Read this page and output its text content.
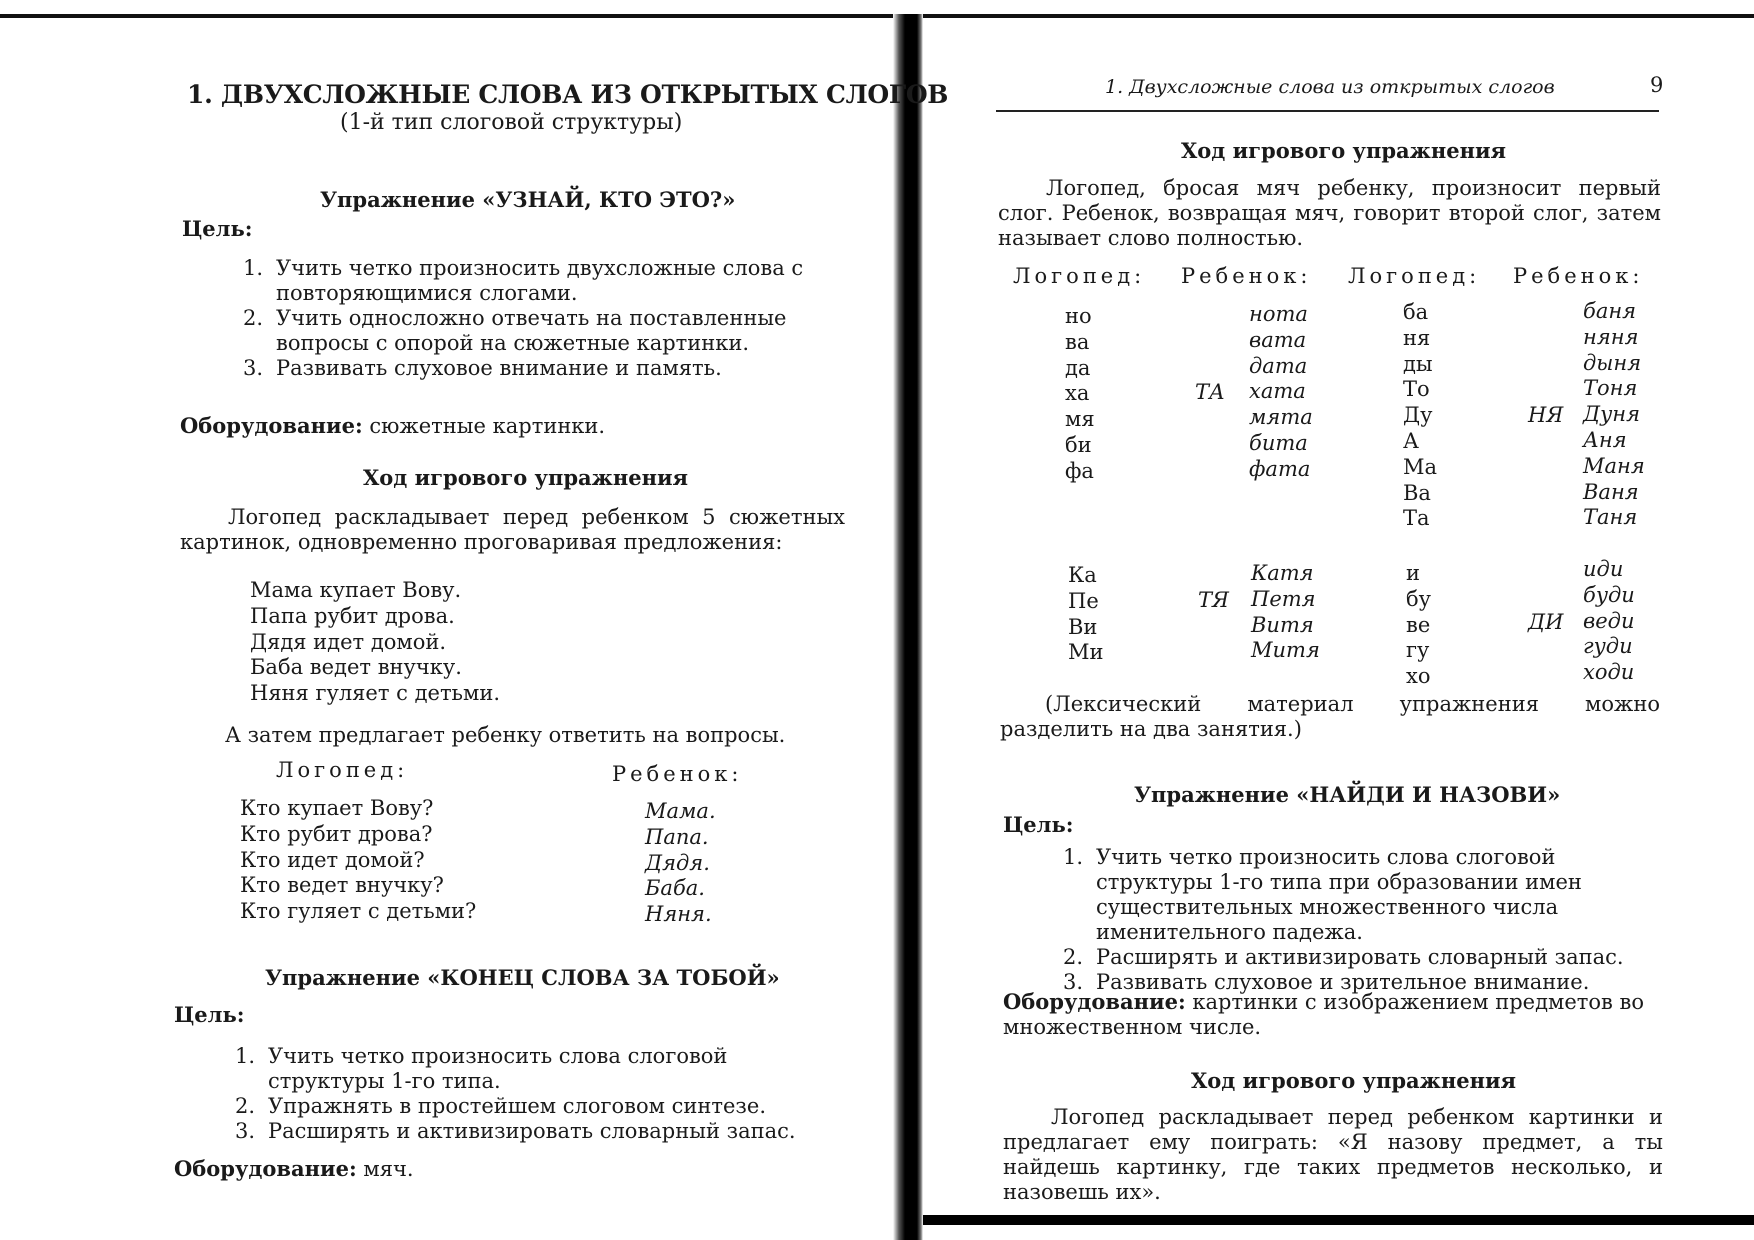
1. ДВУХСЛОЖНЫЕ СЛОВА ИЗ ОТКРЫТЫХ СЛОГОВ
(1-й тип слоговой структуры)
Упражнение «УЗНАЙ, КТО ЭТО?»
Цель:
1. Учить четко произносить двухсложные слова с повторяющимися слогами.
2. Учить односложно отвечать на поставленные вопросы с опорой на сюжетные картинки.
3. Развивать слуховое внимание и память.
Оборудование: сюжетные картинки.
Ход игрового упражнения

Логопед раскладывает перед ребенком 5 сюжетных картинок, одновременно проговаривая предложения:

Мама купает Вову.
Папа рубит дрова.
Дядя идет домой.
Баба ведет внучку.
Няня гуляет с детьми.
А затем предлагает ребенку ответить на вопросы.
Логопед:	Ребенок:
Кто купает Вову?
Кто рубит дрова?
Кто идет домой?
Кто ведет внучку?
Кто гуляет с детьми?
Мама.
Папа.
Дядя.
Баба.
Няня.
Упражнение «КОНЕЦ СЛОВА ЗА ТОБОЙ»
Цель:
1. Учить четко произносить слова слоговой структуры 1-го типа.
2. Упражнять в простейшем слоговом синтезе.
3. Расширять и активизировать словарный запас.
Оборудование: мяч.
1. Двухсложные слова из открытых слогов	9
Ход игрового упражнения

Логопед, бросая мяч ребенку, произносит первый слог. Ребенок, возвращая мяч, говорит второй слог, затем называет слово полностью.

Логопед: Ребенок: Логопед: Ребенок:
но
ва
да
ха
мя
би
фа
ТА
нота
вата
дата
хата
мята
бита
фата
ба
ня
ды
То
Ду
А
Ма
Ва
Та
НЯ
баня
няня
дыня
Тоня
Дуня
Аня
Маня
Ваня
Таня
Ка
Пе
Ви
Ми
ТЯ
Катя
Петя
Витя
Митя
и
бу
ве
гу
хо
ДИ
иди
буди
веди
гуди
ходи

(Лексический материал упражнения можно разделить на два занятия.)

Упражнение «НАЙДИ И НАЗОВИ»
Цель:
1. Учить четко произносить слова слоговой структуры 1-го типа при образовании имен существительных множественного числа именительного падежа.
2. Расширять и активизировать словарный запас.
3. Развивать слуховое и зрительное внимание.

Оборудование: картинки с изображением предметов во множественном числе.

Ход игрового упражнения

Логопед раскладывает перед ребенком картинки и предлагает ему поиграть: «Я назову предмет, а ты найдешь картинку, где таких предметов несколько, и назовешь их».
